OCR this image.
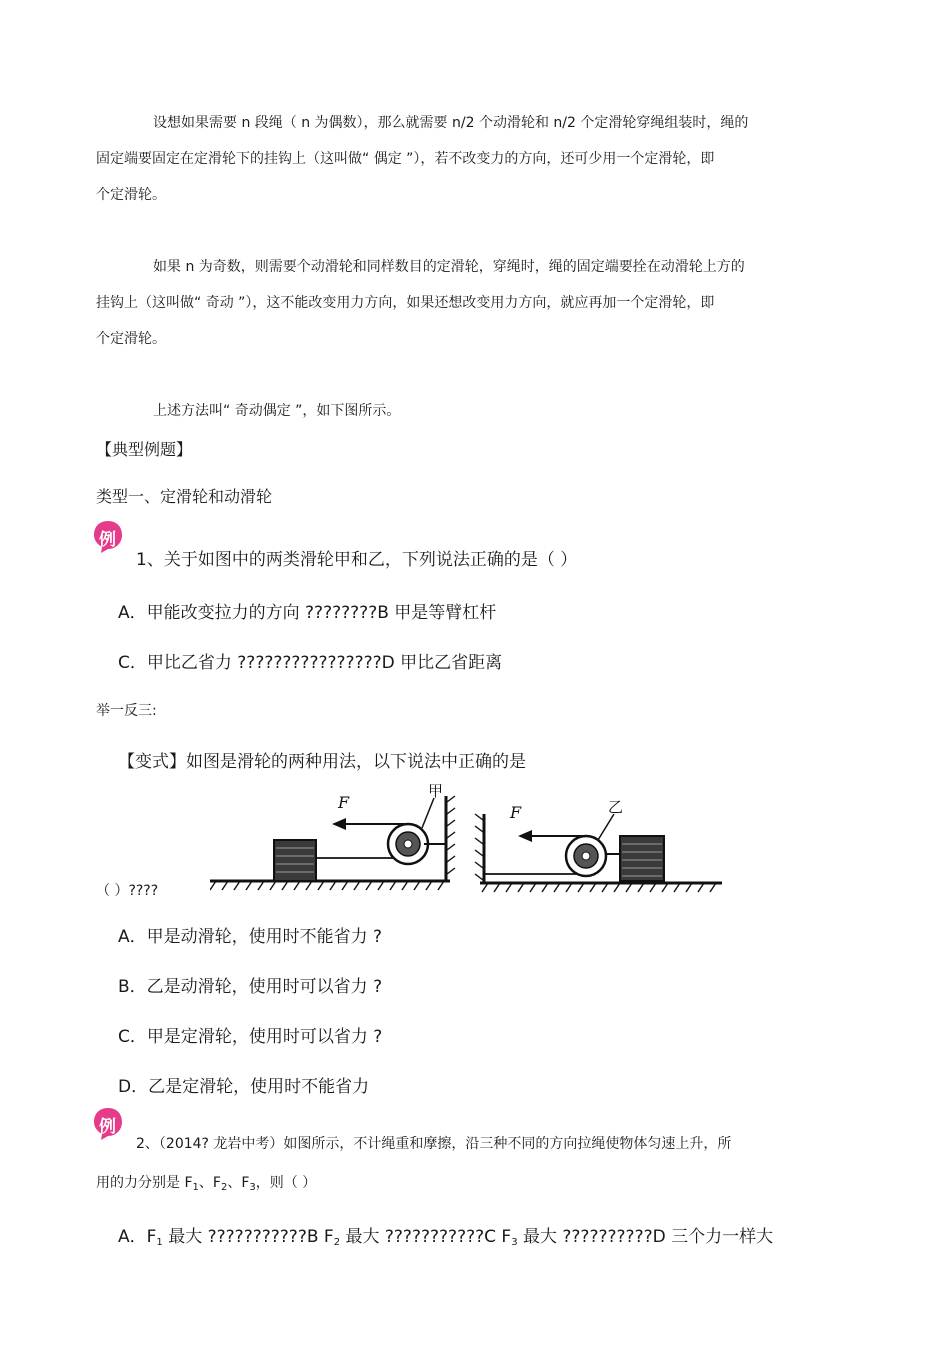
设想如果需要 n 段绳（ n 为偶数），那么就需要 n/2 个动滑轮和 n/2 个定滑轮穿绳组装时，绳的
固定端要固定在定滑轮下的挂钩上（这叫做“ 偶定 ”），若不改变力的方向，还可少用一个定滑轮，即
个定滑轮。
如果 n 为奇数，则需要个动滑轮和同样数目的定滑轮，穿绳时，绳的固定端要拴在动滑轮上方的
挂钩上（这叫做“ 奇动 ”），这不能改变用力方向，如果还想改变用力方向，就应再加一个定滑轮，即
个定滑轮。
上述方法叫“ 奇动偶定 ”，如下图所示。
【典型例题】
类型一、定滑轮和动滑轮
例
1、关于如图中的两类滑轮甲和乙，下列说法正确的是（ ）
A．甲能改变拉力的方向 ????????B 甲是等臂杠杆
C．甲比乙省力 ????????????????D 甲比乙省距离
举一反三:
【变式】如图是滑轮的两种用法，以下说法中正确的是
F
甲
F	乙
（ ）????
A．甲是动滑轮，使用时不能省力 ?
B．乙是动滑轮，使用时可以省力 ?
C．甲是定滑轮，使用时可以省力 ?
D．乙是定滑轮，使用时不能省力
例
2、（2014? 龙岩中考）如图所示，不计绳重和摩擦，沿三种不同的方向拉绳使物体匀速上升，所
用的力分别是 $F_1$、$F_2$、$F_3$，则（ ）
A．$F_1$ 最大 ???????????B $F_2$ 最大 ???????????C $F_3$ 最大 ??????????D 三个力一样大
